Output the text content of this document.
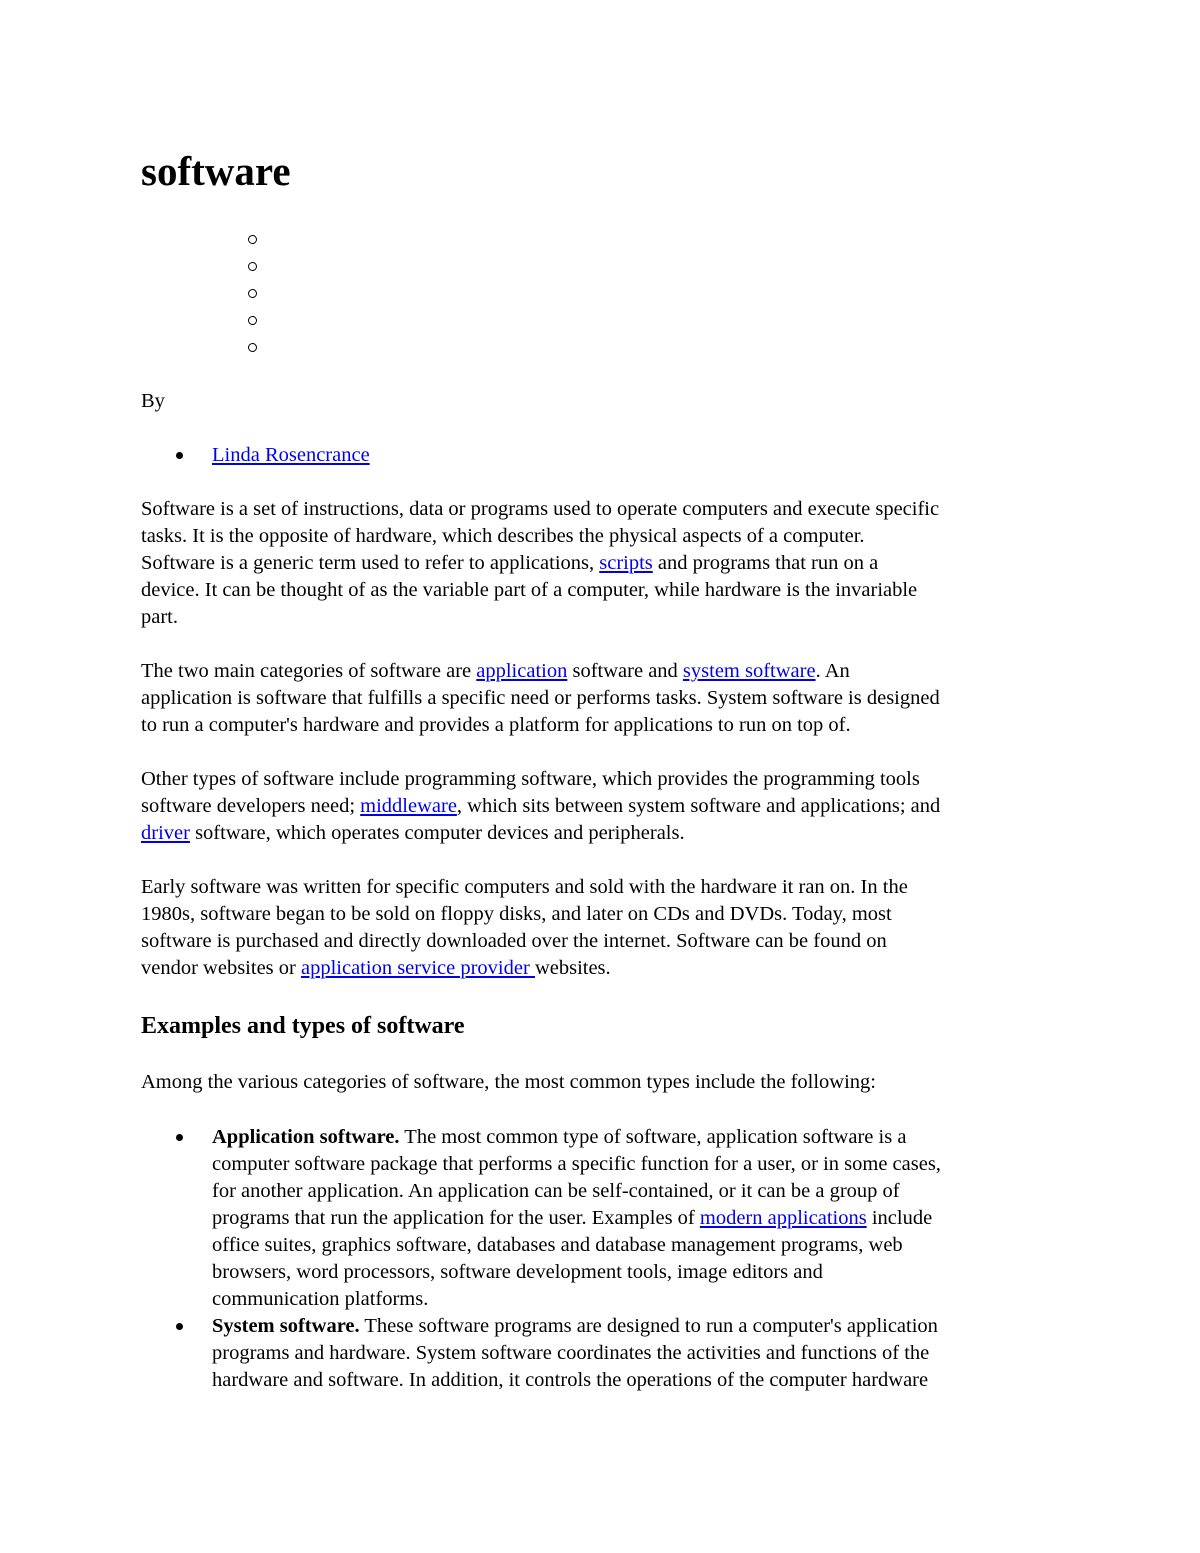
software
By
Linda Rosencrance

Software is a set of instructions, data or programs used to operate computers and execute specific
tasks. It is the opposite of hardware, which describes the physical aspects of a computer.
Software is a generic term used to refer to applications, scripts and programs that run on a
device. It can be thought of as the variable part of a computer, while hardware is the invariable
part.

The two main categories of software are application software and system software. An
application is software that fulfills a specific need or performs tasks. System software is designed
to run a computer's hardware and provides a platform for applications to run on top of.

Other types of software include programming software, which provides the programming tools
software developers need; middleware, which sits between system software and applications; and
driver software, which operates computer devices and peripherals.

Early software was written for specific computers and sold with the hardware it ran on. In the
1980s, software began to be sold on floppy disks, and later on CDs and DVDs. Today, most
software is purchased and directly downloaded over the internet. Software can be found on
vendor websites or application service provider websites.

Examples and types of software

Among the various categories of software, the most common types include the following:

Application software. The most common type of software, application software is a
computer software package that performs a specific function for a user, or in some cases,
for another application. An application can be self-contained, or it can be a group of
programs that run the application for the user. Examples of modern applications include
office suites, graphics software, databases and database management programs, web
browsers, word processors, software development tools, image editors and
communication platforms.
System software. These software programs are designed to run a computer's application
programs and hardware. System software coordinates the activities and functions of the
hardware and software. In addition, it controls the operations of the computer hardware
